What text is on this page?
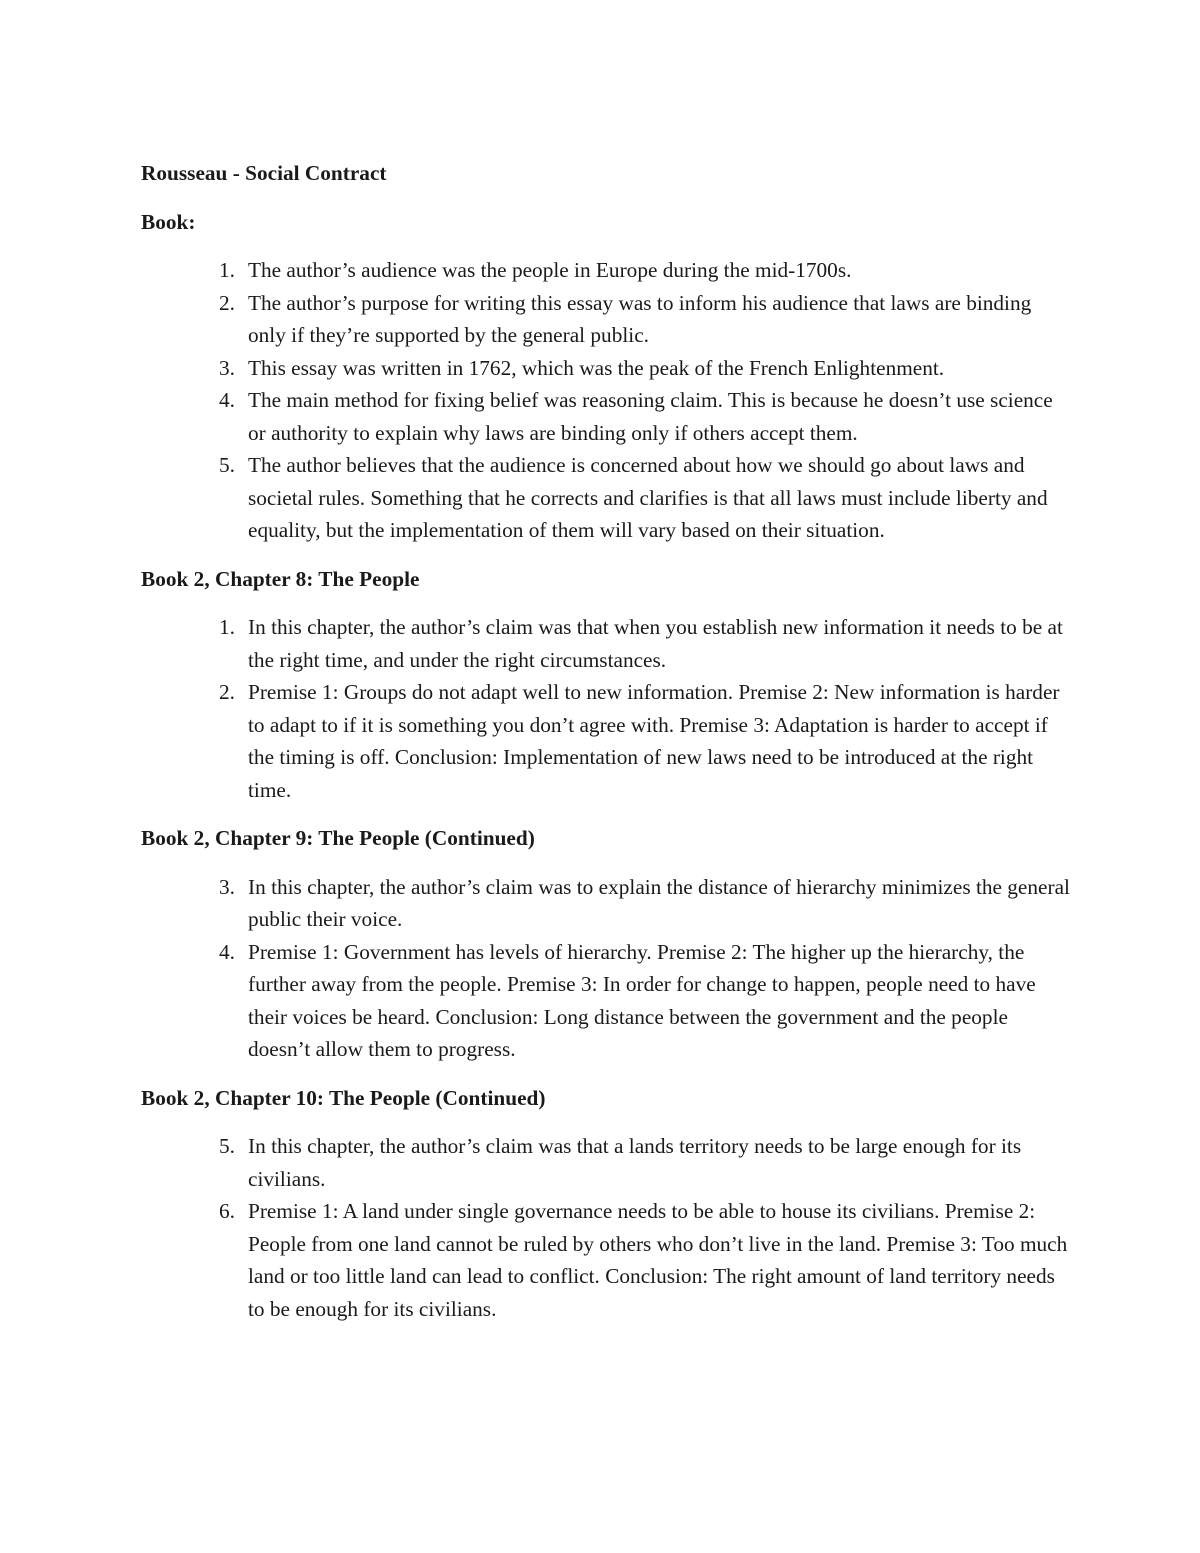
Rousseau - Social Contract
Book:
1. The author’s audience was the people in Europe during the mid-1700s.
2. The author’s purpose for writing this essay was to inform his audience that laws are binding only if they’re supported by the general public.
3. This essay was written in 1762, which was the peak of the French Enlightenment.
4. The main method for fixing belief was reasoning claim. This is because he doesn’t use science or authority to explain why laws are binding only if others accept them.
5. The author believes that the audience is concerned about how we should go about laws and societal rules. Something that he corrects and clarifies is that all laws must include liberty and equality, but the implementation of them will vary based on their situation.
Book 2, Chapter 8: The People
1. In this chapter, the author’s claim was that when you establish new information it needs to be at the right time, and under the right circumstances.
2. Premise 1: Groups do not adapt well to new information. Premise 2: New information is harder to adapt to if it is something you don’t agree with. Premise 3: Adaptation is harder to accept if the timing is off. Conclusion: Implementation of new laws need to be introduced at the right time.
Book 2, Chapter 9: The People (Continued)
3. In this chapter, the author’s claim was to explain the distance of hierarchy minimizes the general public their voice.
4. Premise 1: Government has levels of hierarchy. Premise 2: The higher up the hierarchy, the further away from the people. Premise 3: In order for change to happen, people need to have their voices be heard. Conclusion: Long distance between the government and the people doesn’t allow them to progress.
Book 2, Chapter 10: The People (Continued)
5. In this chapter, the author’s claim was that a lands territory needs to be large enough for its civilians.
6. Premise 1: A land under single governance needs to be able to house its civilians. Premise 2: People from one land cannot be ruled by others who don’t live in the land. Premise 3: Too much land or too little land can lead to conflict. Conclusion: The right amount of land territory needs to be enough for its civilians.
